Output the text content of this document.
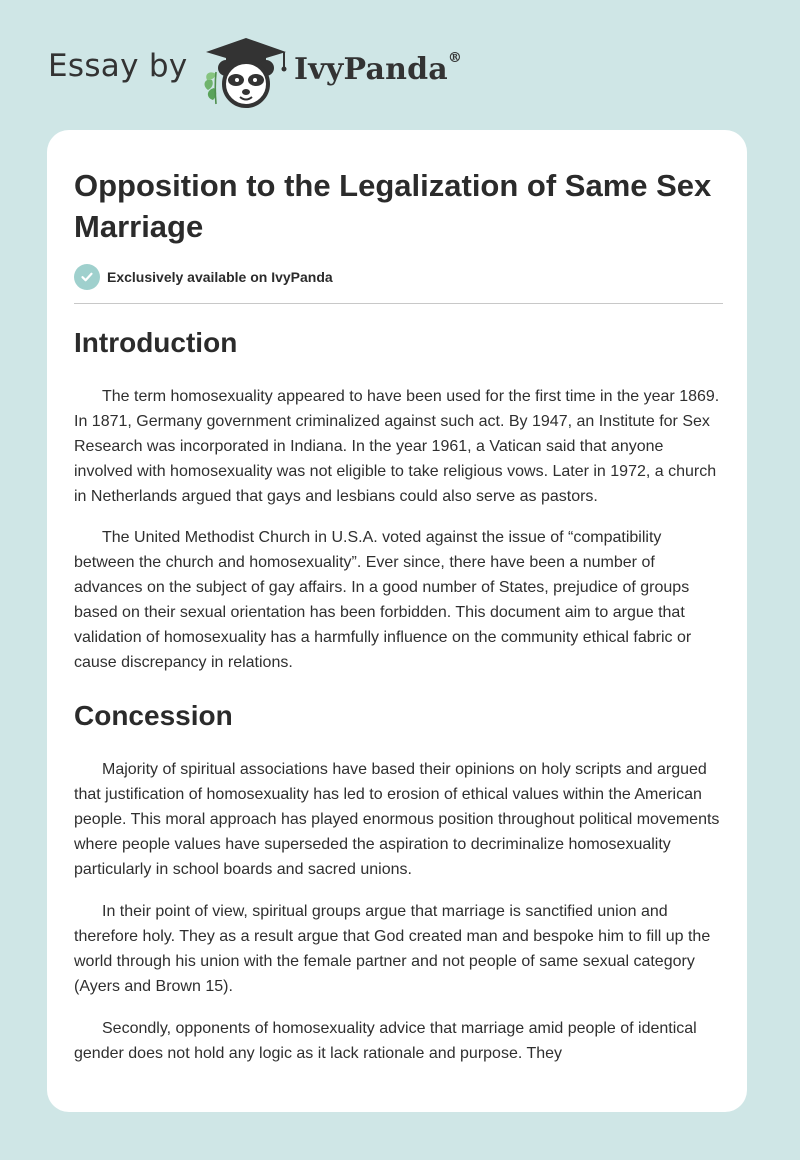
Essay by	IvyPanda®
Opposition to the Legalization of Same Sex Marriage
Exclusively available on IvyPanda
Introduction

The term homosexuality appeared to have been used for the first time in the year 1869. In 1871, Germany government criminalized against such act. By 1947, an Institute for Sex Research was incorporated in Indiana. In the year 1961, a Vatican said that anyone involved with homosexuality was not eligible to take religious vows. Later in 1972, a church in Netherlands argued that gays and lesbians could also serve as pastors.

The United Methodist Church in U.S.A. voted against the issue of “compatibility between the church and homosexuality”. Ever since, there have been a number of advances on the subject of gay affairs. In a good number of States, prejudice of groups based on their sexual orientation has been forbidden. This document aim to argue that validation of homosexuality has a harmfully influence on the community ethical fabric or cause discrepancy in relations.

Concession

Majority of spiritual associations have based their opinions on holy scripts and argued that justification of homosexuality has led to erosion of ethical values within the American people. This moral approach has played enormous position throughout political movements where people values have superseded the aspiration to decriminalize homosexuality particularly in school boards and sacred unions.

In their point of view, spiritual groups argue that marriage is sanctified union and therefore holy. They as a result argue that God created man and bespoke him to fill up the world through his union with the female partner and not people of same sexual category (Ayers and Brown 15).

Secondly, opponents of homosexuality advice that marriage amid people of identical gender does not hold any logic as it lack rationale and purpose. They
